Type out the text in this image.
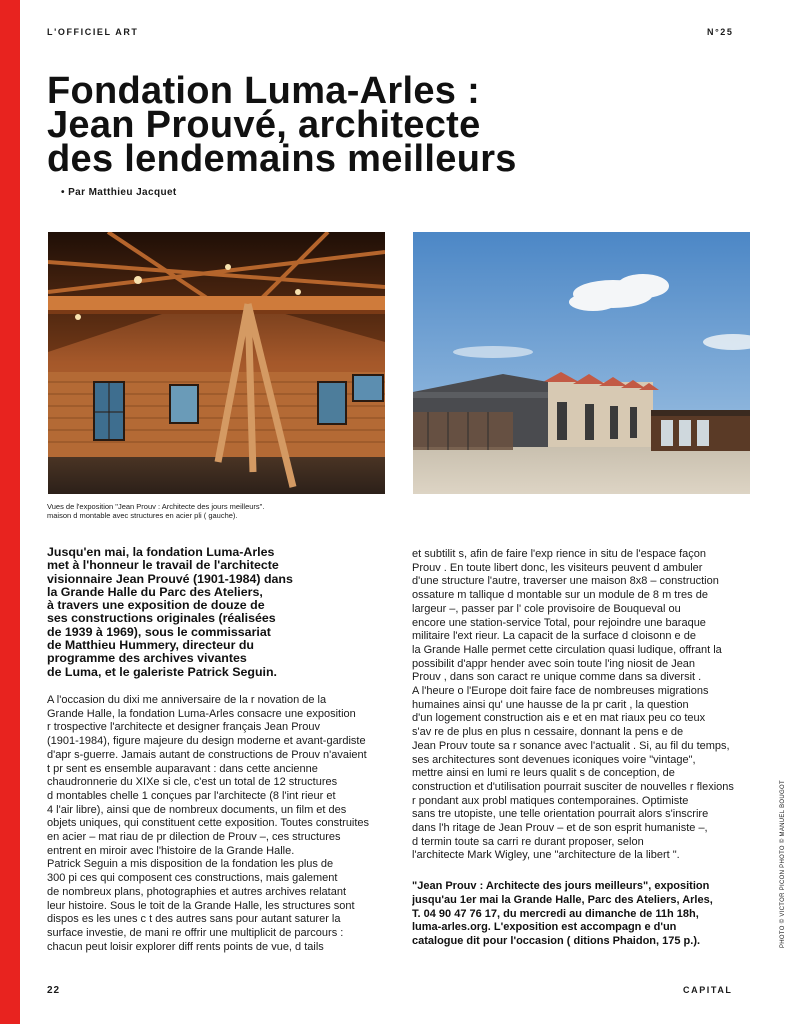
L'OFFICIEL ART	N°25
Fondation Luma-Arles :
Jean Prouvé, architecte
des lendemains meilleurs
• Par Matthieu Jacquet
Vues de l'exposition "Jean Prouv : Architecte des jours meilleurs".
maison d montable avec structures en acier pli ( gauche).
Jusqu'en mai, la fondation Luma-Arles
met à l'honneur le travail de l'architecte
visionnaire Jean Prouvé (1901-1984) dans
la Grande Halle du Parc des Ateliers,
à travers une exposition de douze de
ses constructions originales (réalisées
de 1939 à 1969), sous le commissariat
de Matthieu Hummery, directeur du
programme des archives vivantes
de Luma, et le galeriste Patrick Seguin.
A l'occasion du dixi me anniversaire de la r novation de la
Grande Halle, la fondation Luma-Arles consacre une exposition
r trospective l'architecte et designer français Jean Prouv
(1901-1984), figure majeure du design moderne et avant-gardiste
d'apr s-guerre. Jamais autant de constructions de Prouv n'avaient
t pr sent es ensemble auparavant : dans cette ancienne
chaudronnerie du XIXe si cle, c'est un total de 12 structures
d montables chelle 1 conçues par l'architecte (8 l'int rieur et
4 l'air libre), ainsi que de nombreux documents, un film et des
objets uniques, qui constituent cette exposition. Toutes construites
en acier – mat riau de pr dilection de Prouv –, ces structures
entrent en miroir avec l'histoire de la Grande Halle.
Patrick Seguin a mis disposition de la fondation les plus de
300 pi ces qui composent ces constructions, mais galement
de nombreux plans, photographies et autres archives relatant
leur histoire. Sous le toit de la Grande Halle, les structures sont
dispos es les unes c t des autres sans pour autant saturer la
surface investie, de mani re offrir une multiplicit de parcours :
chacun peut loisir explorer diff rents points de vue, d tails
et subtilit s, afin de faire l'exp rience in situ de l'espace façon
Prouv . En toute libert donc, les visiteurs peuvent d ambuler
d'une structure l'autre, traverser une maison 8x8 – construction
ossature m tallique d montable sur un module de 8 m tres de
largeur –, passer par l' cole provisoire de Bouqueval ou
encore une station-service Total, pour rejoindre une baraque
militaire l'ext rieur. La capacit de la surface d cloisonn e de
la Grande Halle permet cette circulation quasi ludique, offrant la
possibilit d'appr hender avec soin toute l'ing niosit de Jean
Prouv , dans son caract re unique comme dans sa diversit .
A l'heure o l'Europe doit faire face de nombreuses migrations
humaines ainsi qu' une hausse de la pr carit , la question
d'un logement construction ais e et en mat riaux peu co teux
s'av re de plus en plus n cessaire, donnant la pens e de
Jean Prouv toute sa r sonance avec l'actualit . Si, au fil du temps,
ses architectures sont devenues iconiques voire "vintage",
mettre ainsi en lumi re leurs qualit s de conception, de
construction et d'utilisation pourrait susciter de nouvelles r flexions
r pondant aux probl matiques contemporaines. Optimiste
sans tre utopiste, une telle orientation pourrait alors s'inscrire
dans l'h ritage de Jean Prouv – et de son esprit humaniste –,
d termin toute sa carri re durant proposer, selon
l'architecte Mark Wigley, une "architecture de la libert ".
"Jean Prouv : Architecte des jours meilleurs", exposition
jusqu'au 1er mai la Grande Halle, Parc des Ateliers, Arles,
T. 04 90 47 76 17, du mercredi au dimanche de 11h 18h,
luma-arles.org. L'exposition est accompagn e d'un
catalogue dit pour l'occasion ( ditions Phaidon, 175 p.).	PHOTO © VICTOR PICON PHOTO © MANUEL BOUGOT
22	CAPITAL
